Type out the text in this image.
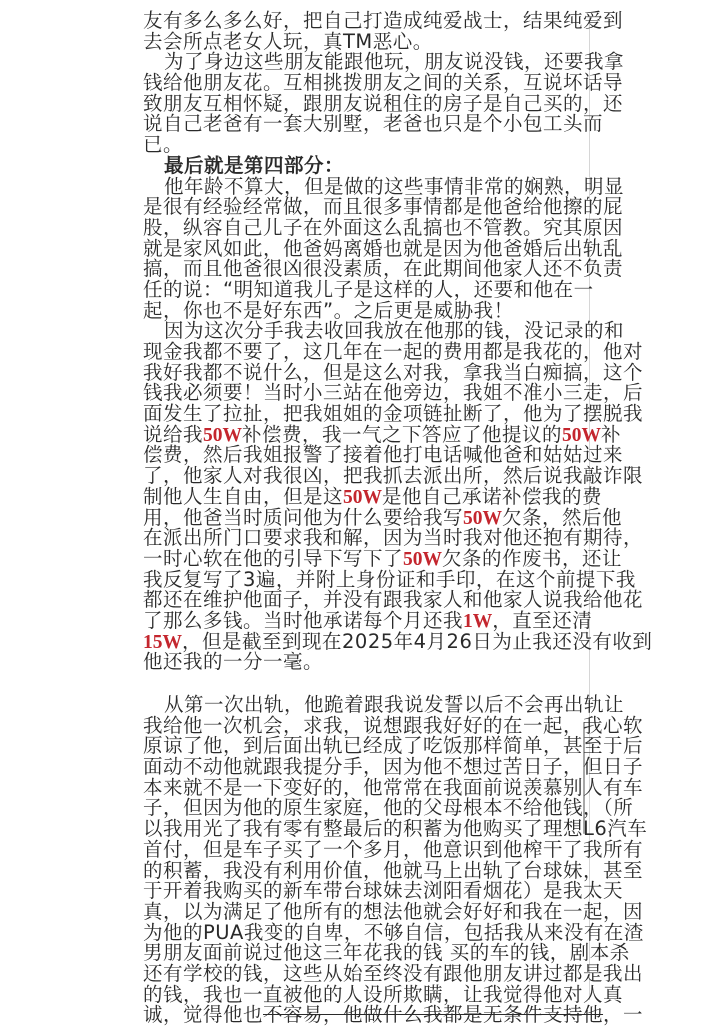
友有多么多么好，把自己打造成纯爱战士，结果纯爱到
去会所点老女人玩，真TM恶心。
为了身边这些朋友能跟他玩，朋友说没钱，还要我拿
钱给他朋友花。互相挑拨朋友之间的关系，互说坏话导
致朋友互相怀疑，跟朋友说租住的房子是自己买的，还
说自己老爸有一套大别墅，老爸也只是个小包工头而
已。
最后就是第四部分：
他年龄不算大，但是做的这些事情非常的娴熟，明显
是很有经验经常做，而且很多事情都是他爸给他擦的屁
股，纵容自己儿子在外面这么乱搞也不管教。究其原因
就是家风如此，他爸妈离婚也就是因为他爸婚后出轨乱
搞，而且他爸很凶很没素质，在此期间他家人还不负责
任的说：“明知道我儿子是这样的人，还要和他在一
起，你也不是好东西”。之后更是威胁我！
因为这次分手我去收回我放在他那的钱，没记录的和
现金我都不要了，这几年在一起的费用都是我花的，他对
我好我都不说什么，但是这么对我，拿我当白痴搞，这个
钱我必须要！当时小三站在他旁边，我姐不准小三走，后
面发生了拉扯，把我姐姐的金项链扯断了，他为了摆脱我
说给我50W补偿费，我一气之下答应了他提议的50W补
偿费，然后我姐报警了接着他打电话喊他爸和姑姑过来
了，他家人对我很凶，把我抓去派出所，然后说我敲诈限
制他人生自由，但是这50W是他自己承诺补偿我的费
用，他爸当时质问他为什么要给我写50W欠条，然后他
在派出所门口要求我和解，因为当时我对他还抱有期待，
一时心软在他的引导下写下了50W欠条的作废书，还让
我反复写了3遍，并附上身份证和手印，在这个前提下我
都还在维护他面子，并没有跟我家人和他家人说我给他花
了那么多钱。当时他承诺每个月还我1W，直至还清
15W，但是截至到现在2025年4月26日为止我还没有收到
他还我的一分一毫。
从第一次出轨，他跪着跟我说发誓以后不会再出轨让
我给他一次机会，求我，说想跟我好好的在一起，我心软
原谅了他，到后面出轨已经成了吃饭那样简单，甚至于后
面动不动他就跟我提分手，因为他不想过苦日子，但日子
本来就不是一下变好的，他常常在我面前说羡慕别人有车
子，但因为他的原生家庭，他的父母根本不给他钱，（所
以我用光了我有零有整最后的积蓄为他购买了理想L6汽车
首付，但是车子买了一个多月，他意识到他榨干了我所有
的积蓄，我没有利用价值，他就马上出轨了台球妹，甚至
于开着我购买的新车带台球妹去浏阳看烟花）是我太天
真，以为满足了他所有的想法他就会好好和我在一起，因
为他的PUA我变的自卑，不够自信，包括我从来没有在渣
男朋友面前说过他这三年花我的钱 买的车的钱，剧本杀
还有学校的钱，这些从始至终没有跟他朋友讲过都是我出
的钱，我也一直被他的人设所欺瞒，让我觉得他对人真
诚，觉得他也不容易，他做什么我都是无条件支持他，一
